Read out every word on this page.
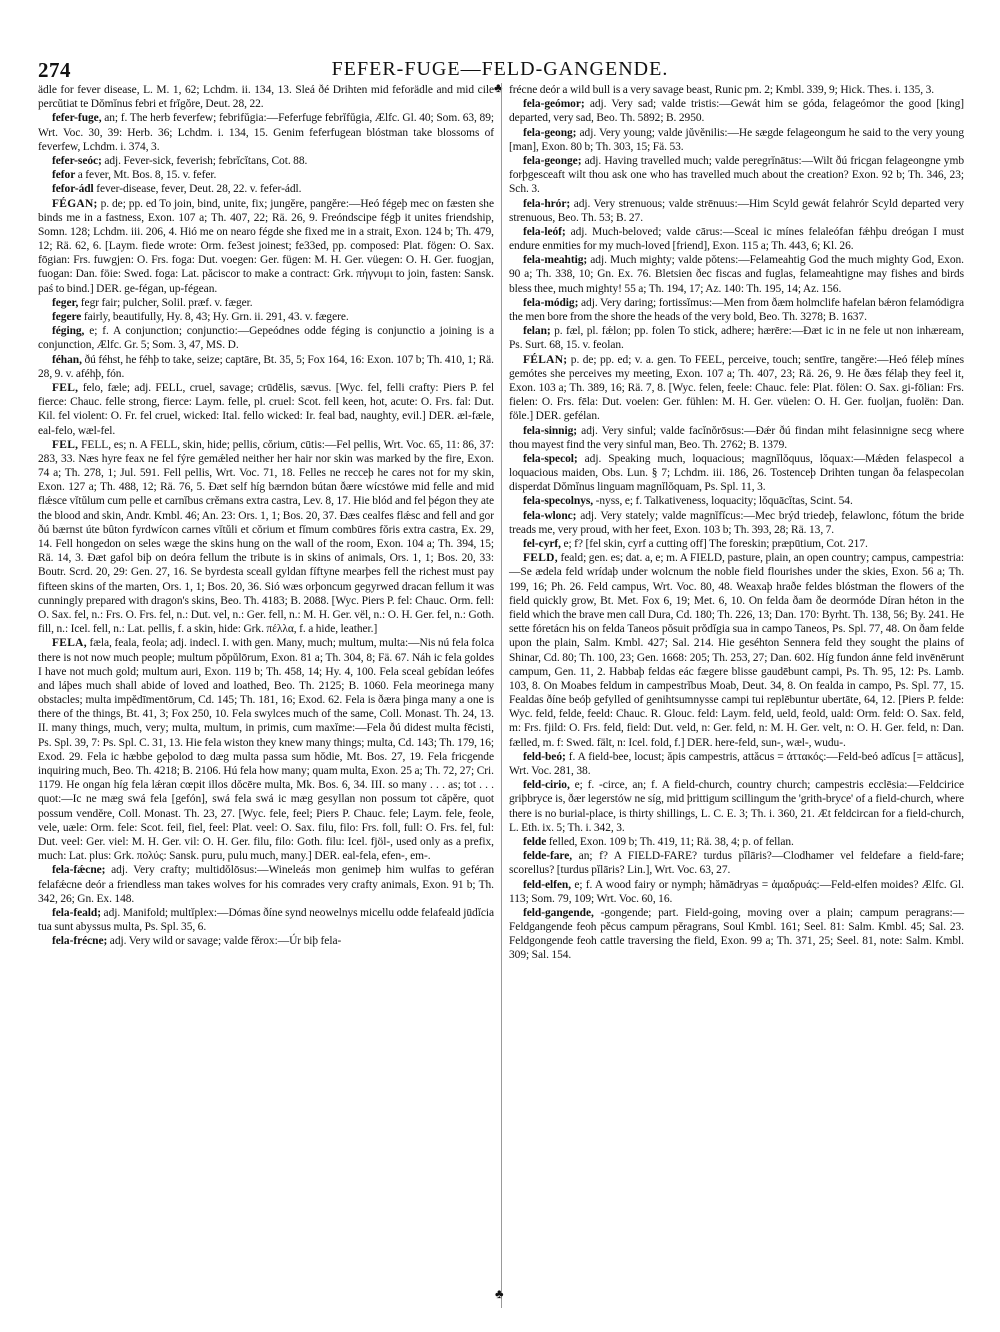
274	FEFER-FUGE—FELD-GANGENDE.
♣
♣

ädle for fever disease, L. M. 1, 62; Lchdm. ii. 134, 13. Sleá ðé Drihten mid feforädle and mid cile percŭtiat te Dŏmĭnus febri et frĭgŏre, Deut. 28, 22.

fefer-fuge, an; f. The herb feverfew; febrifŭgia:—Feferfuge febrĭfŭgia, Ælfc. Gl. 40; Som. 63, 89; Wrt. Voc. 30, 39: Herb. 36; Lchdm. i. 134, 15. Genim feferfugean blóstman take blossoms of feverfew, Lchdm. i. 374, 3.

fefer-seóc; adj. Fever-sick, feverish; febrĭcĭtans, Cot. 88.

fefor a fever, Mt. Bos. 8, 15. v. fefer.

fefor-ádl fever-disease, fever, Deut. 28, 22. v. fefer-ádl.

FÉGAN; p. de; pp. ed To join, bind, unite, fix; jungĕre, pangĕre:—Heó fégeþ mec on fæsten she binds me in a fastness, Exon. 107 a; Th. 407, 22; Rä. 26, 9. Freóndscipe fégþ it unites friendship, Somn. 128; Lchdm. iii. 206, 4. Hió me on nearo fégde she fixed me in a strait, Exon. 124 b; Th. 479, 12; Rä. 62, 6. [Laym. fiede wrote: Orm. fe3est joinest; fe33ed, pp. composed: Plat. fögen: O. Sax. fōgian: Frs. fuwgjen: O. Frs. foga: Dut. voegen: Ger. fügen: M. H. Ger. vüegen: O. H. Ger. fuogjan, fuogan: Dan. föie: Swed. foga: Lat. păciscor to make a contract: Grk. πήγνυμι to join, fasten: Sansk. paś to bind.] DER. ge-fégan, up-fégean.

feger, fegr fair; pulcher, Solil. præf. v. fæger.

fegere fairly, beautifully, Hy. 8, 43; Hy. Grn. ii. 291, 43. v. fægere.

féging, e; f. A conjunction; conjunctio:—Gepeódnes odde féging is conjunctio a joining is a conjunction, Ælfc. Gr. 5; Som. 3, 47, MS. D.

féhan, ðú féhst, he féhþ to take, seize; captāre, Bt. 35, 5; Fox 164, 16: Exon. 107 b; Th. 410, 1; Rä. 28, 9. v. aféhþ, fón.

FEL, felo, fæle; adj. FELL, cruel, savage; crūdēlis, sævus. [Wyc. fel, felli crafty: Piers P. fel fierce: Chauc. felle strong, fierce: Laym. felle, pl. cruel: Scot. fell keen, hot, acute: O. Frs. fal: Dut. Kil. fel violent: O. Fr. fel cruel, wicked: Ital. fello wicked: Ir. feal bad, naughty, evil.] DER. æl-fæle, eal-felo, wæl-fel.

FEL, FELL, es; n. A FELL, skin, hide; pellis, cŏrium, cūtis:—Fel pellis, Wrt. Voc. 65, 11: 86, 37: 283, 33. Næs hyre feax ne fel fýre gemǽled neither her hair nor skin was marked by the fire, Exon. 74 a; Th. 278, 1; Jul. 591. Fell pellis, Wrt. Voc. 71, 18. Felles ne recceþ he cares not for my skin, Exon. 127 a; Th. 488, 12; Rä. 76, 5. Ðæt self híg bærndon bútan ðære wícstówe mid felle and mid flǽsce vĭtŭlum cum pelle et carnĭbus crĕmans extra castra, Lev. 8, 17. Hie blód and fel þégon they ate the blood and skin, Andr. Kmbl. 46; An. 23: Ors. 1, 1; Bos. 20, 37. Ðæs cealfes flǽsc and fell and gor ðú bærnst úte bûton fyrdwícon carnes vĭtŭli et cŏrium et fĭmum combūres fŏris extra castra, Ex. 29, 14. Fell hongedon on seles wæge the skins hung on the wall of the room, Exon. 104 a; Th. 394, 15; Rä. 14, 3. Ðæt gafol biþ on deóra fellum the tribute is in skins of animals, Ors. 1, 1; Bos. 20, 33: Boutr. Scrd. 20, 29: Gen. 27, 16. Se byrdesta sceall gyldan fíftyne mearþes fell the richest must pay fifteen skins of the marten, Ors. 1, 1; Bos. 20, 36. Sió wæs orþoncum gegyrwed dracan fellum it was cunningly prepared with dragon's skins, Beo. Th. 4183; B. 2088. [Wyc. Piers P. fel: Chauc. Orm. fell: O. Sax. fel, n.: Frs. O. Frs. fel, n.: Dut. vel, n.: Ger. fell, n.: M. H. Ger. vël, n.: O. H. Ger. fel, n.: Goth. fill, n.: Icel. fell, n.: Lat. pellis, f. a skin, hide: Grk. πέλλα, f. a hide, leather.]

FELA, fæla, feala, feola; adj. indecl. I. with gen. Many, much; multum, multa:—Nis nú fela folca there is not now much people; multum pŏpŭlōrum, Exon. 81 a; Th. 304, 8; Fä. 67. Náh ic fela goldes I have not much gold; multum auri, Exon. 119 b; Th. 458, 14; Hy. 4, 100. Fela sceal gebídan leófes and láþes much shall abide of loved and loathed, Beo. Th. 2125; B. 1060. Fela meorinega many obstacles; multa impĕdīmentōrum, Cd. 145; Th. 181, 16; Exod. 62. Fela is ðæra þinga many a one is there of the things, Bt. 41, 3; Fox 250, 10. Fela swylces much of the same, Coll. Monast. Th. 24, 13. II. many things, much, very; multa, multum, in primis, cum maxĭme:—Fela ðú didest multa fēcisti, Ps. Spl. 39, 7: Ps. Spl. C. 31, 13. Hie fela wiston they knew many things; multa, Cd. 143; Th. 179, 16; Exod. 29. Fela ic hæbbe geþolod to dæg multa passa sum hŏdie, Mt. Bos. 27, 19. Fela fricgende inquiring much, Beo. Th. 4218; B. 2106. Hú fela how many; quam multa, Exon. 25 a; Th. 72, 27; Cri. 1179. He ongan híg fela lǽran cœpit illos dŏcēre multa, Mk. Bos. 6, 34. III. so many . . . as; tot . . . quot:—Ic ne mæg swá fela [gefón], swá fela swá ic mæg gesyllan non possum tot căpĕre, quot possum vendĕre, Coll. Monast. Th. 23, 27. [Wyc. fele, feel; Piers P. Chauc. fele; Laym. fele, feole, vele, uæle: Orm. fele: Scot. feil, fiel, feel: Plat. veel: O. Sax. filu, filo: Frs. foll, full: O. Frs. fel, ful: Dut. veel: Ger. viel: M. H. Ger. vil: O. H. Ger. filu, filo: Goth. filu: Icel. fjöl-, used only as a prefix, much: Lat. plus: Grk. πολύς: Sansk. puru, pulu much, many.] DER. eal-fela, efen-, em-.

fela-fǽcne; adj. Very crafty; multidŏlōsus:—Wineleás mon genimeþ him wulfas to geféran felafǽcne deór a friendless man takes wolves for his comrades very crafty animals, Exon. 91 b; Th. 342, 26; Gn. Ex. 148.

fela-feald; adj. Manifold; multĭplex:—Dómas ðíne synd neowelnys micellu odde felafeald jūdĭcia tua sunt abyssus multa, Ps. Spl. 35, 6.

fela-frécne; adj. Very wild or savage; valde fĕrox:—Úr biþ fela-

frécne deór a wild bull is a very savage beast, Runic pm. 2; Kmbl. 339, 9; Hick. Thes. i. 135, 3.

fela-geómor; adj. Very sad; valde tristis:—Gewát him se góda, felageómor the good [king] departed, very sad, Beo. Th. 5892; B. 2950.

fela-geong; adj. Very young; valde jŭvĕnilis:—He sægde felageongum he said to the very young [man], Exon. 80 b; Th. 303, 15; Fä. 53.

fela-geonge; adj. Having travelled much; valde peregrĭnātus:—Wilt ðú fricgan felageongne ymb forþgesceaft wilt thou ask one who has travelled much about the creation? Exon. 92 b; Th. 346, 23; Sch. 3.

fela-hrór; adj. Very strenuous; valde strēnuus:—Him Scyld gewát felahrór Scyld departed very strenuous, Beo. Th. 53; B. 27.

fela-leóf; adj. Much-beloved; valde cārus:—Sceal ic mínes felaleófan fǽhþu dreógan I must endure enmities for my much-loved [friend], Exon. 115 a; Th. 443, 6; Kl. 26.

fela-meahtig; adj. Much mighty; valde pŏtens:—Felameahtig God the much mighty God, Exon. 90 a; Th. 338, 10; Gn. Ex. 76. Bletsien ðec fiscas and fuglas, felameahtigne may fishes and birds bless thee, much mighty! 55 a; Th. 194, 17; Az. 140: Th. 195, 14; Az. 156.

fela-módig; adj. Very daring; fortissĭmus:—Men from ðæm holmclife hafelan bǽron felamódigra the men bore from the shore the heads of the very bold, Beo. Th. 3278; B. 1637.

felan; p. fæl, pl. fǽlon; pp. folen To stick, adhere; hærēre:—Ðæt ic in ne fele ut non inhæream, Ps. Surt. 68, 15. v. feolan.

FÉLAN; p. de; pp. ed; v. a. gen. To FEEL, perceive, touch; sentīre, tangĕre:—Heó féleþ mínes gemótes she perceives my meeting, Exon. 107 a; Th. 407, 23; Rä. 26, 9. He ðæs félaþ they feel it, Exon. 103 a; Th. 389, 16; Rä. 7, 8. [Wyc. felen, feele: Chauc. fele: Plat. fölen: O. Sax. gi-fōlian: Frs. fielen: O. Frs. fēla: Dut. voelen: Ger. fühlen: M. H. Ger. vüelen: O. H. Ger. fuoljan, fuolën: Dan. föle.] DER. gefélan.

fela-sinnig; adj. Very sinful; valde facĭnŏrōsus:—Ðǽr ðú findan miht felasinnigne secg where thou mayest find the very sinful man, Beo. Th. 2762; B. 1379.

fela-specol; adj. Speaking much, loquacious; magnĭlŏquus, lŏquax:—Mǽden felaspecol a loquacious maiden, Obs. Lun. § 7; Lchdm. iii. 186, 26. Tostenceþ Drihten tungan ða felaspecolan disperdat Dŏmĭnus linguam magnĭlŏquam, Ps. Spl. 11, 3.

fela-specolnys, -nyss, e; f. Talkativeness, loquacity; lŏquācĭtas, Scint. 54.

fela-wlonc; adj. Very stately; valde magnĭfĭcus:—Mec brýd triedeþ, felawlonc, fótum the bride treads me, very proud, with her feet, Exon. 103 b; Th. 393, 28; Rä. 13, 7.

fel-cyrf, e; f? [fel skin, cyrf a cutting off] The foreskin; præpūtium, Cot. 217.

FELD, feald; gen. es; dat. a, e; m. A FIELD, pasture, plain, an open country; campus, campestria:—Se ædela feld wrídaþ under wolcnum the noble field flourishes under the skies, Exon. 56 a; Th. 199, 16; Ph. 26. Feld campus, Wrt. Voc. 80, 48. Weaxaþ hraðe feldes blóstman the flowers of the field quickly grow, Bt. Met. Fox 6, 19; Met. 6, 10. On felda ðam ðe deormóde Díran héton in the field which the brave men call Dura, Cd. 180; Th. 226, 13; Dan. 170: Byrht. Th. 138, 56; By. 241. He sette fóretácn his on felda Taneos pŏsuit prŏdĭgia sua in campo Taneos, Ps. Spl. 77, 48. On ðam felde upon the plain, Salm. Kmbl. 427; Sal. 214. Hie geséhton Sennera feld they sought the plains of Shinar, Cd. 80; Th. 100, 23; Gen. 1668: 205; Th. 253, 27; Dan. 602. Híg fundon ánne feld invēnērunt campum, Gen. 11, 2. Habbaþ feldas eác fægere blisse gaudēbunt campi, Ps. Th. 95, 12: Ps. Lamb. 103, 8. On Moabes feldum in campestrĭbus Moab, Deut. 34, 8. On fealda in campo, Ps. Spl. 77, 15. Fealdas ðíne beóþ gefylled of genihtsumnysse campi tui replēbuntur ubertāte, 64, 12. [Piers P. felde: Wyc. feld, felde, feeld: Chauc. R. Glouc. feld: Laym. feld, ueld, feold, uald: Orm. feld: O. Sax. feld, m: Frs. fjild: O. Frs. feld, field: Dut. veld, n: Ger. feld, n: M. H. Ger. velt, n: O. H. Ger. feld, n: Dan. fælled, m. f: Swed. fält, n: Icel. fold, f.] DER. here-feld, sun-, wæl-, wudu-.

feld-beó; f. A field-bee, locust; ăpis campestris, attăcus = ἀττακός:—Feld-beó adĭcus [= attăcus], Wrt. Voc. 281, 38.

feld-cirio, e; f. -circe, an; f. A field-church, country church; campestris ecclēsia:—Feldcirice griþbryce is, ðær legerstów ne síg, mid þrittigum scillingum the 'grith-bryce' of a field-church, where there is no burial-place, is thirty shillings, L. C. E. 3; Th. i. 360, 21. Æt feldcircan for a field-church, L. Eth. ix. 5; Th. i. 342, 3.

felde felled, Exon. 109 b; Th. 419, 11; Rä. 38, 4; p. of fellan.

felde-fare, an; f? A FIELD-FARE? turdus pĭlāris?—Clodhamer vel feldefare a field-fare; scorellus? [turdus pĭlāris? Lin.], Wrt. Voc. 63, 27.

feld-elfen, e; f. A wood fairy or nymph; hămādryas = ἁμαδρυάς:—Feld-elfen moides? Ælfc. Gl. 113; Som. 79, 109; Wrt. Voc. 60, 16.

feld-gangende, -gongende; part. Field-going, moving over a plain; campum peragrans:—Feldgangende feoh pĕcus campum pĕragrans, Soul Kmbl. 161; Seel. 81: Salm. Kmbl. 45; Sal. 23. Feldgongende feoh cattle traversing the field, Exon. 99 a; Th. 371, 25; Seel. 81, note: Salm. Kmbl. 309; Sal. 154.
